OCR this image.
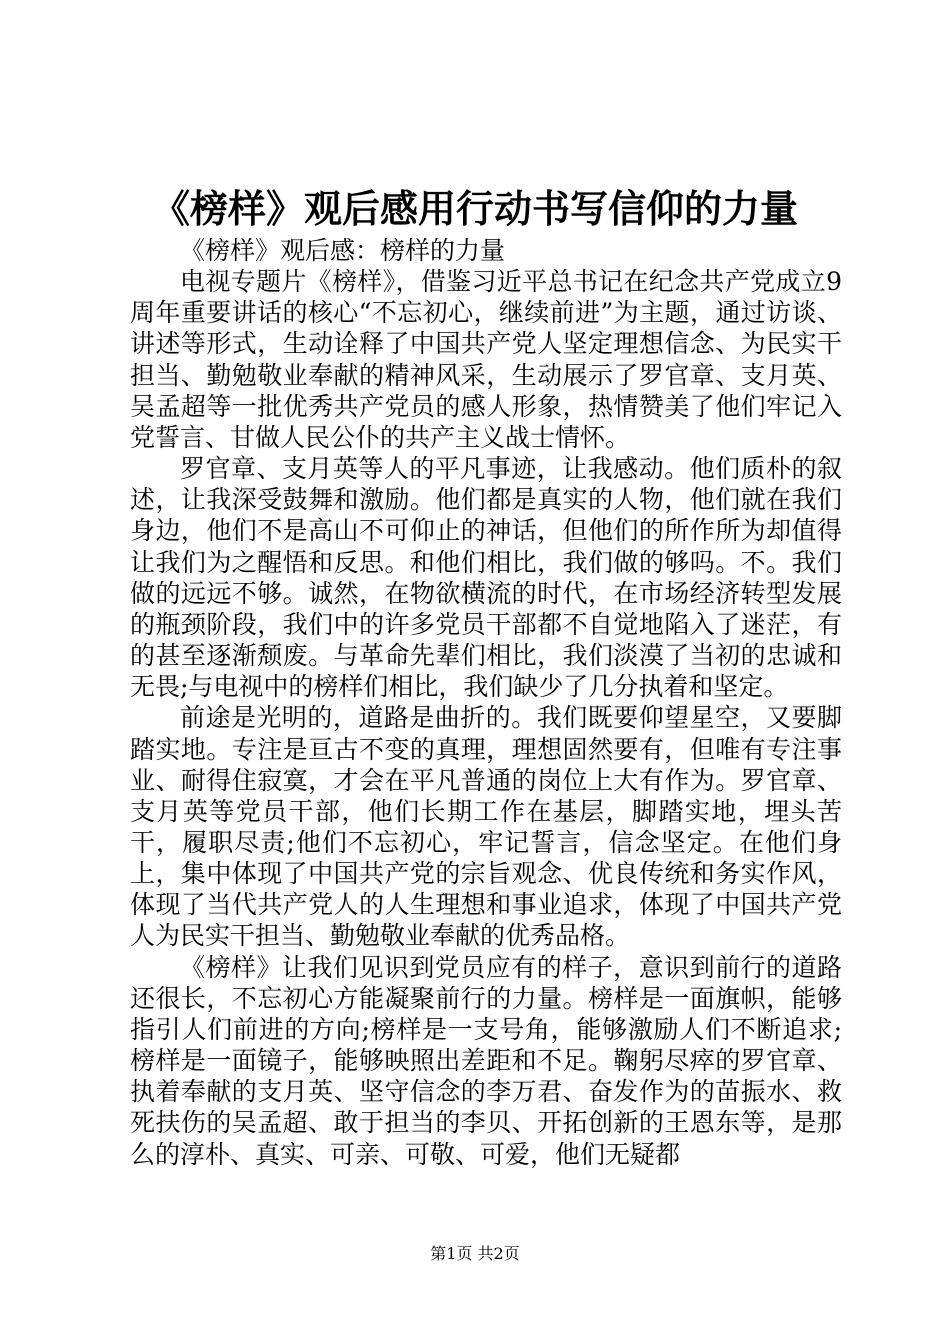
《榜样》观后感用行动书写信仰的力量

《榜样》观后感：榜样的力量

电视专题片《榜样》，借鉴习近平总书记在纪念共产党成立9周年重要讲话的核心“不忘初心，继续前进”为主题，通过访谈、讲述等形式，生动诠释了中国共产党人坚定理想信念、为民实干担当、勤勉敬业奉献的精神风采，生动展示了罗官章、支月英、吴孟超等一批优秀共产党员的感人形象，热情赞美了他们牢记入党誓言、甘做人民公仆的共产主义战士情怀。

罗官章、支月英等人的平凡事迹，让我感动。他们质朴的叙述，让我深受鼓舞和激励。他们都是真实的人物，他们就在我们身边，他们不是高山不可仰止的神话，但他们的所作所为却值得让我们为之醒悟和反思。和他们相比，我们做的够吗。不。我们做的远远不够。诚然，在物欲横流的时代，在市场经济转型发展的瓶颈阶段，我们中的许多党员干部都不自觉地陷入了迷茫，有的甚至逐渐颓废。与革命先辈们相比，我们淡漠了当初的忠诚和无畏;与电视中的榜样们相比，我们缺少了几分执着和坚定。

前途是光明的，道路是曲折的。我们既要仰望星空，又要脚踏实地。专注是亘古不变的真理，理想固然要有，但唯有专注事业、耐得住寂寞，才会在平凡普通的岗位上大有作为。罗官章、支月英等党员干部，他们长期工作在基层，脚踏实地，埋头苦干，履职尽责;他们不忘初心，牢记誓言，信念坚定。在他们身上，集中体现了中国共产党的宗旨观念、优良传统和务实作风，体现了当代共产党人的人生理想和事业追求，体现了中国共产党人为民实干担当、勤勉敬业奉献的优秀品格。

《榜样》让我们见识到党员应有的样子，意识到前行的道路还很长，不忘初心方能凝聚前行的力量。榜样是一面旗帜，能够指引人们前进的方向;榜样是一支号角，能够激励人们不断追求;榜样是一面镜子，能够映照出差距和不足。鞠躬尽瘁的罗官章、执着奉献的支月英、坚守信念的李万君、奋发作为的苗振水、救死扶伤的吴孟超、敢于担当的李贝、开拓创新的王恩东等，是那么的淳朴、真实、可亲、可敬、可爱，他们无疑都

第1页 共2页
